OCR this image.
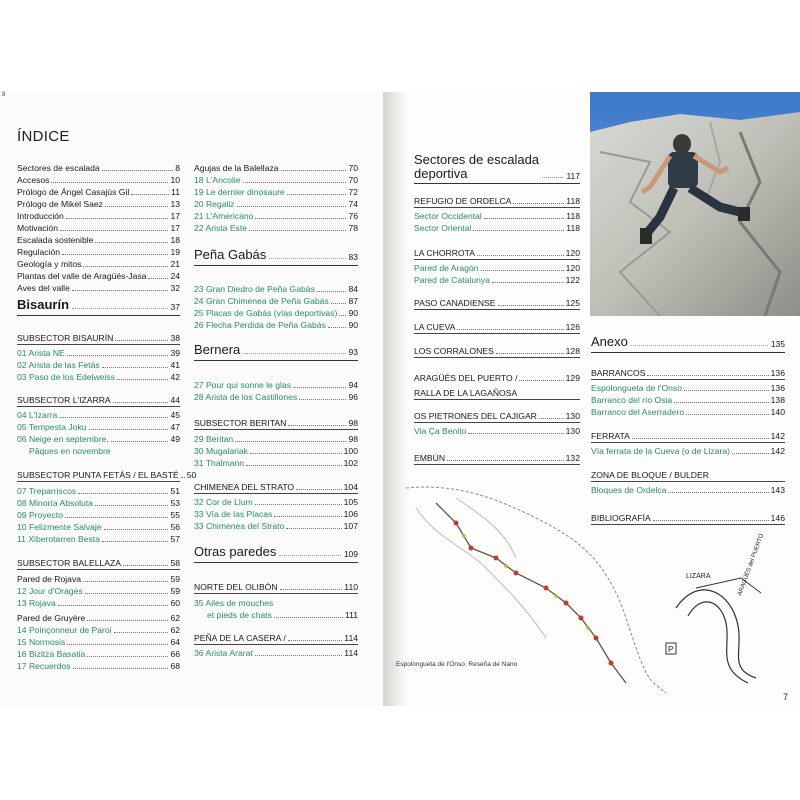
8
ÍNDICE
Sectores de escalada	8
Accesos	10
Prólogo de Ángel Casajús Gil	11
Prólogo de Mikel Saez	13
Introducción	17
Motivación	17
Escalada sostenible	18
Regulación	19
Geología y mitos	21
Plantas del valle de Aragüés-Jasa	24
Aves del valle	32
Bisaurín	37
SUBSECTOR BISAURÍN	38
01 Arista NE	39
02 Arista de las Fetás	41
03 Paso de los Edelweiss	42
SUBSECTOR L'IZARRA	44
04 L'Izarra	45
05 Tempesta Joku	47
06 Neige en septembre,	49
Pâques en novembre
SUBSECTOR PUNTA FETÁS / EL BASTÉ 50
07 Treparriscos	51
08 Minoría Absoluta	53
09 Proyecto	55
10 Felizmente Salvaje	56
11 Xiberotarren Besta	57
SUBSECTOR BALELLAZA	58
Pared de Rojava	59
12 Jour d'Orages	59
13 Rojava	60
Pared de Gruyère	62
14 Poinçonneur de Paroi	62
15 Normosis	64
16 Bizitza Basatia	66
17 Recuerdos	68
Agujas de la Balellaza	70
18 L'Ancolie	70
19 Le dernier dinosaure	72
20 Regaliz	74
21 L'Americano	76
22 Arista Este	78
Peña Gabás	83
23 Gran Diedro de Peña Gabás	84
24 Gran Chimenea de Peña Gabás 87
25 Placas de Gabás (vías deportivas) 90
26 Flecha Perdida de Peña Gabás	90
Bernera	93
27 Pour qui sonne le glas	94
28 Arista de los Castillones	96
SUBSECTOR BERITAN	98
29 Beritan	98
30 Mugalariak	100
31 Thalmann	102
CHIMENEA DEL STRATO	104
32 Cor de Llum	105
33 Vía de las Placas	106
33 Chimenea del Strato	107
Otras paredes	109
NORTE DEL OLIBÓN	110
35 Ailes de mouches
et pieds de chats	111
PEÑA DE LA CASERA /	114
36 Arista Ararat	114
Sectores de escalada
deportiva	117
REFUGIO DE ORDELCA	118
Sector Occidental	118
Sector Oriental	118
LA CHORROTA	120
Pared de Aragón	120
Pared de Catalunya	122
PASO CANADIENSE	125
LA CUEVA	126
LOS CORRALONES	128
ARAGÜÉS DEL PUERTO /	129
RALLA DE LA LAGAÑOSA
OS PIETRONES DEL CAJIGAR	130
Via Ça Benito	130
EMBÚN	132
Anexo	135
BARRANCOS	136
Espolongueta de l'Onso	136
Barranco del río Osia	138
Barranco del Aserradero	140
FERRATA	142
Vía ferrata de la Cueva (o de Lizara)	142
ZONA DE BLOQUE / BULDER
Bloques de Ordelca	143
BIBLIOGRAFÍA	146
P
LIZARA	ARAGÜÉS del PUERTO
Espolongueta de l'Onso. Reseña de Nano
7
